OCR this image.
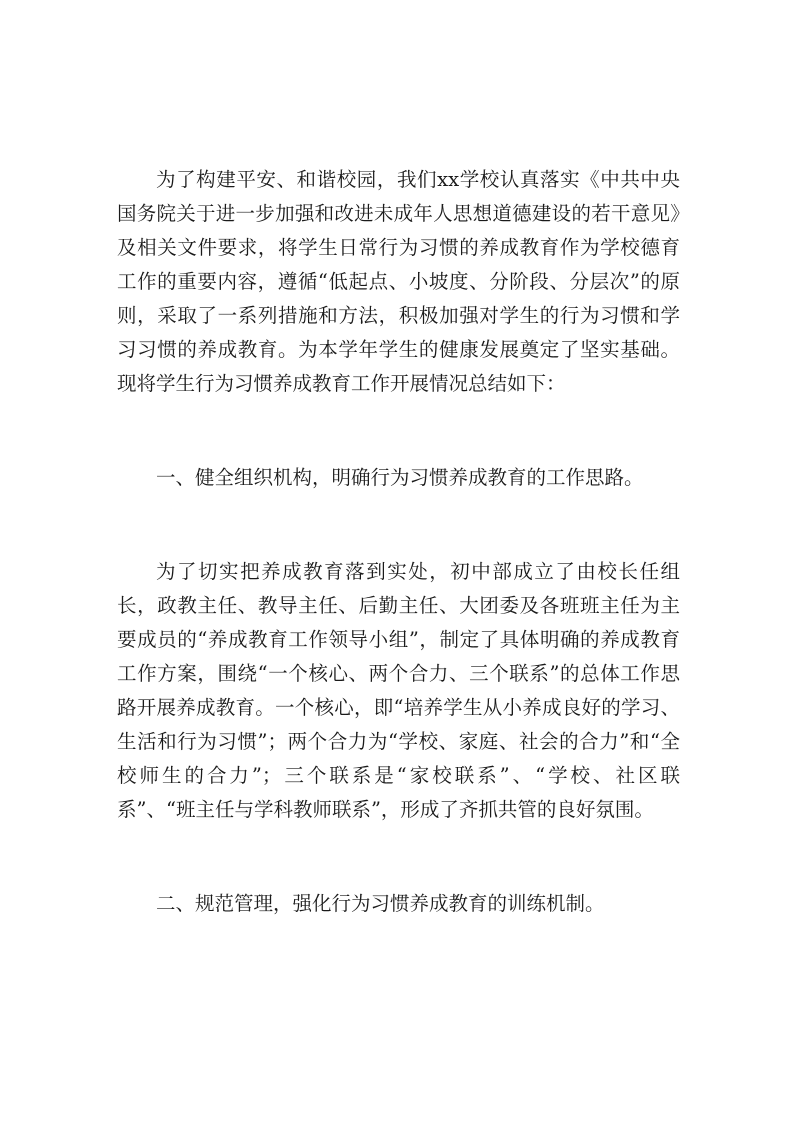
为了构建平安、和谐校园，我们xx学校认真落实《中共中央国务院关于进一步加强和改进未成年人思想道德建设的若干意见》及相关文件要求，将学生日常行为习惯的养成教育作为学校德育工作的重要内容，遵循“低起点、小坡度、分阶段、分层次”的原则，采取了一系列措施和方法，积极加强对学生的行为习惯和学习习惯的养成教育。为本学年学生的健康发展奠定了坚实基础。现将学生行为习惯养成教育工作开展情况总结如下：

一、健全组织机构，明确行为习惯养成教育的工作思路。

为了切实把养成教育落到实处，初中部成立了由校长任组长，政教主任、教导主任、后勤主任、大团委及各班班主任为主要成员的“养成教育工作领导小组”，制定了具体明确的养成教育工作方案，围绕“一个核心、两个合力、三个联系”的总体工作思路开展养成教育。一个核心，即“培养学生从小养成良好的学习、生活和行为习惯”；两个合力为“学校、家庭、社会的合力”和“全校师生的合力”；三个联系是“家校联系”、“学校、社区联系”、“班主任与学科教师联系”，形成了齐抓共管的良好氛围。

二、规范管理，强化行为习惯养成教育的训练机制。
